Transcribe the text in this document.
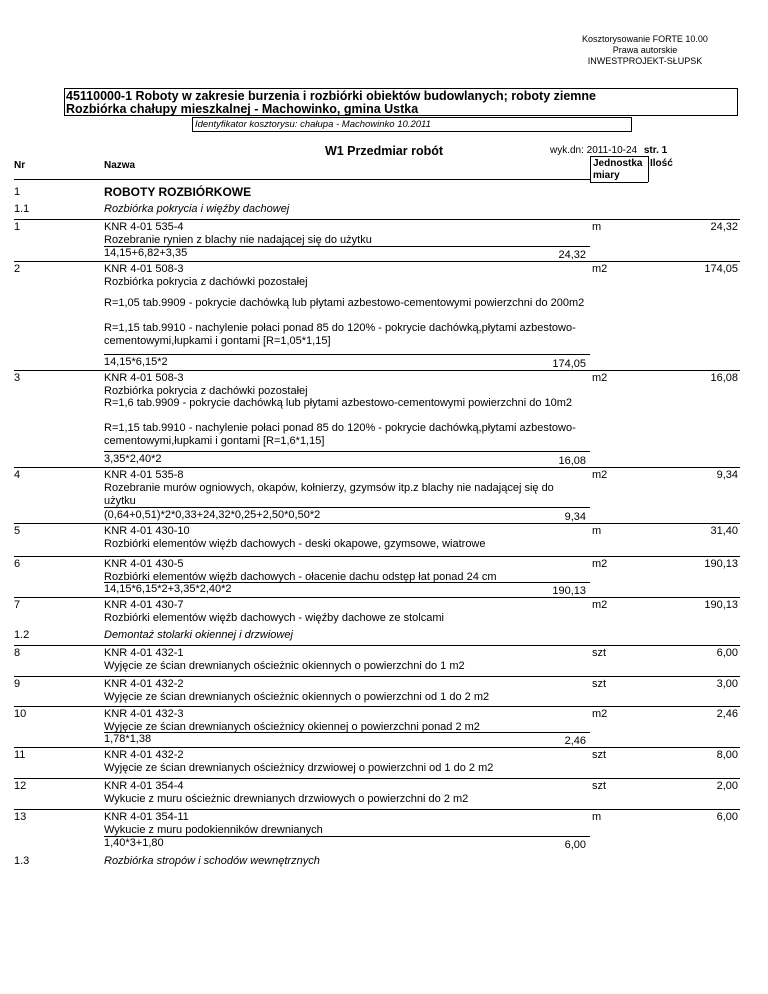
Kosztorysowanie FORTE 10.00
Prawa autorskie
INWESTPROJEKT-SŁUPSK
45110000-1 Roboty w zakresie burzenia i rozbiórki obiektów budowlanych; roboty ziemne
Rozbiórka chałupy mieszkalnej - Machowinko, gmina Ustka
Identyfikator kosztorysu: chałupa - Machowinko 10.2011
W1 Przedmiar robót	wyk.dn: 2011-10-24 str. 1
Nr	Nazwa	Jednostka
miary
Ilość
1	ROBOTY ROZBIÓRKOWE
1.1	Rozbiórka pokrycia i więźby dachowej
1	KNR 4-01 535-4
Rozebranie rynien z blachy nie nadającej się do użytku
m	24,32
14,15+6,82+3,35	24,32
2	KNR 4-01 508-3
Rozbiórka pokrycia z dachówki pozostałej
m2	174,05
R=1,05 tab.9909 - pokrycie dachówką lub płytami azbestowo-cementowymi powierzchni do 200m2
R=1,15 tab.9910 - nachylenie połaci ponad 85 do 120% - pokrycie dachówką,płytami azbestowo-cementowymi,łupkami i gontami [R=1,05*1,15]
14,15*6,15*2	174,05
3	KNR 4-01 508-3
Rozbiórka pokrycia z dachówki pozostałej
m2	16,08
R=1,6 tab.9909 - pokrycie dachówką lub płytami azbestowo-cementowymi powierzchni do 10m2
R=1,15 tab.9910 - nachylenie połaci ponad 85 do 120% - pokrycie dachówką,płytami azbestowo-cementowymi,łupkami i gontami [R=1,6*1,15]
3,35*2,40*2	16,08
4	KNR 4-01 535-8
Rozebranie murów ogniowych, okapów, kołnierzy, gzymsów itp.z blachy nie nadającej się do użytku
m2	9,34
(0,64+0,51)*2*0,33+24,32*0,25+2,50*0,50*2	9,34
5	KNR 4-01 430-10
Rozbiórki elementów więźb dachowych - deski okapowe, gzymsowe, wiatrowe
m	31,40
6	KNR 4-01 430-5
Rozbiórki elementów więźb dachowych - ołacenie dachu odstęp łat ponad 24 cm
m2	190,13
14,15*6,15*2+3,35*2,40*2	190,13
7	KNR 4-01 430-7
Rozbiórki elementów więźb dachowych - więźby dachowe ze stolcami
m2	190,13
1.2	Demontaż stolarki okiennej i drzwiowej
8	KNR 4-01 432-1
Wyjęcie ze ścian drewnianych ościeżnic okiennych o powierzchni do 1 m2
szt	6,00
9	KNR 4-01 432-2
Wyjęcie ze ścian drewnianych ościeżnic okiennych o powierzchni od 1 do 2 m2
szt	3,00
10	KNR 4-01 432-3
Wyjęcie ze ścian drewnianych ościeżnicy okiennej o powierzchni ponad 2 m2
m2	2,46
1,78*1,38	2,46
11	KNR 4-01 432-2
Wyjęcie ze ścian drewnianych ościeżnicy drzwiowej o powierzchni od 1 do 2 m2
szt	8,00
12	KNR 4-01 354-4
Wykucie z muru ościeżnic drewnianych drzwiowych o powierzchni do 2 m2
szt	2,00
13	KNR 4-01 354-11
Wykucie z muru podokienników drewnianych
m	6,00
1,40*3+1,80	6,00
1.3	Rozbiórka stropów i schodów wewnętrznych
